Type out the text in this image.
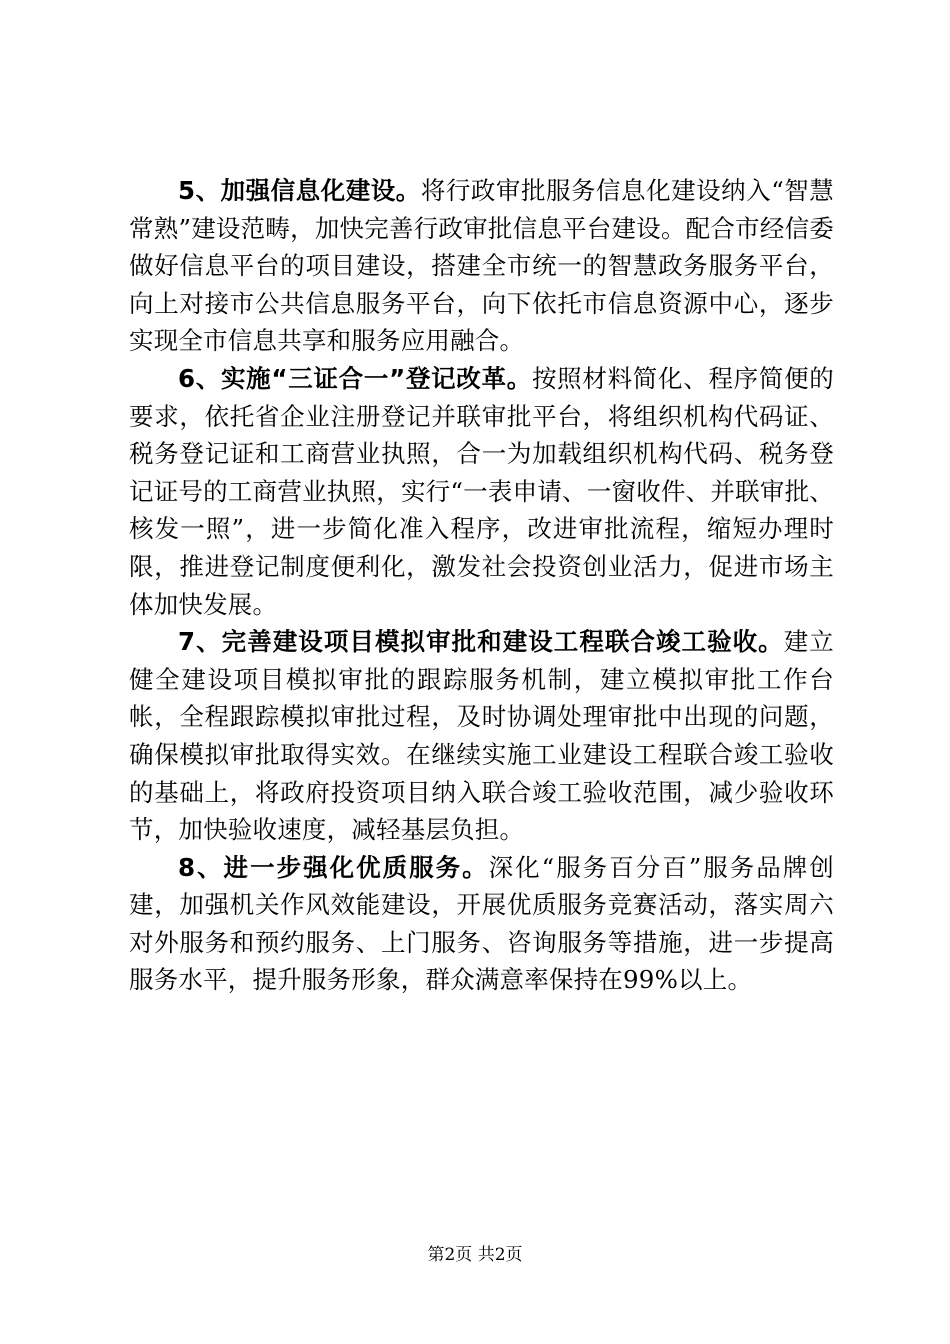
5、加强信息化建设。将行政审批服务信息化建设纳入“智慧常熟”建设范畴，加快完善行政审批信息平台建设。配合市经信委做好信息平台的项目建设，搭建全市统一的智慧政务服务平台，向上对接市公共信息服务平台，向下依托市信息资源中心，逐步实现全市信息共享和服务应用融合。

6、实施“三证合一”登记改革。按照材料简化、程序简便的要求，依托省企业注册登记并联审批平台，将组织机构代码证、税务登记证和工商营业执照，合一为加载组织机构代码、税务登记证号的工商营业执照，实行“一表申请、一窗收件、并联审批、核发一照”，进一步简化准入程序，改进审批流程，缩短办理时限，推进登记制度便利化，激发社会投资创业活力，促进市场主体加快发展。

7、完善建设项目模拟审批和建设工程联合竣工验收。建立健全建设项目模拟审批的跟踪服务机制，建立模拟审批工作台帐，全程跟踪模拟审批过程，及时协调处理审批中出现的问题，确保模拟审批取得实效。在继续实施工业建设工程联合竣工验收的基础上，将政府投资项目纳入联合竣工验收范围，减少验收环节，加快验收速度，减轻基层负担。

8、进一步强化优质服务。深化“服务百分百”服务品牌创建，加强机关作风效能建设，开展优质服务竞赛活动，落实周六对外服务和预约服务、上门服务、咨询服务等措施，进一步提高服务水平，提升服务形象，群众满意率保持在99%以上。

第2页 共2页
